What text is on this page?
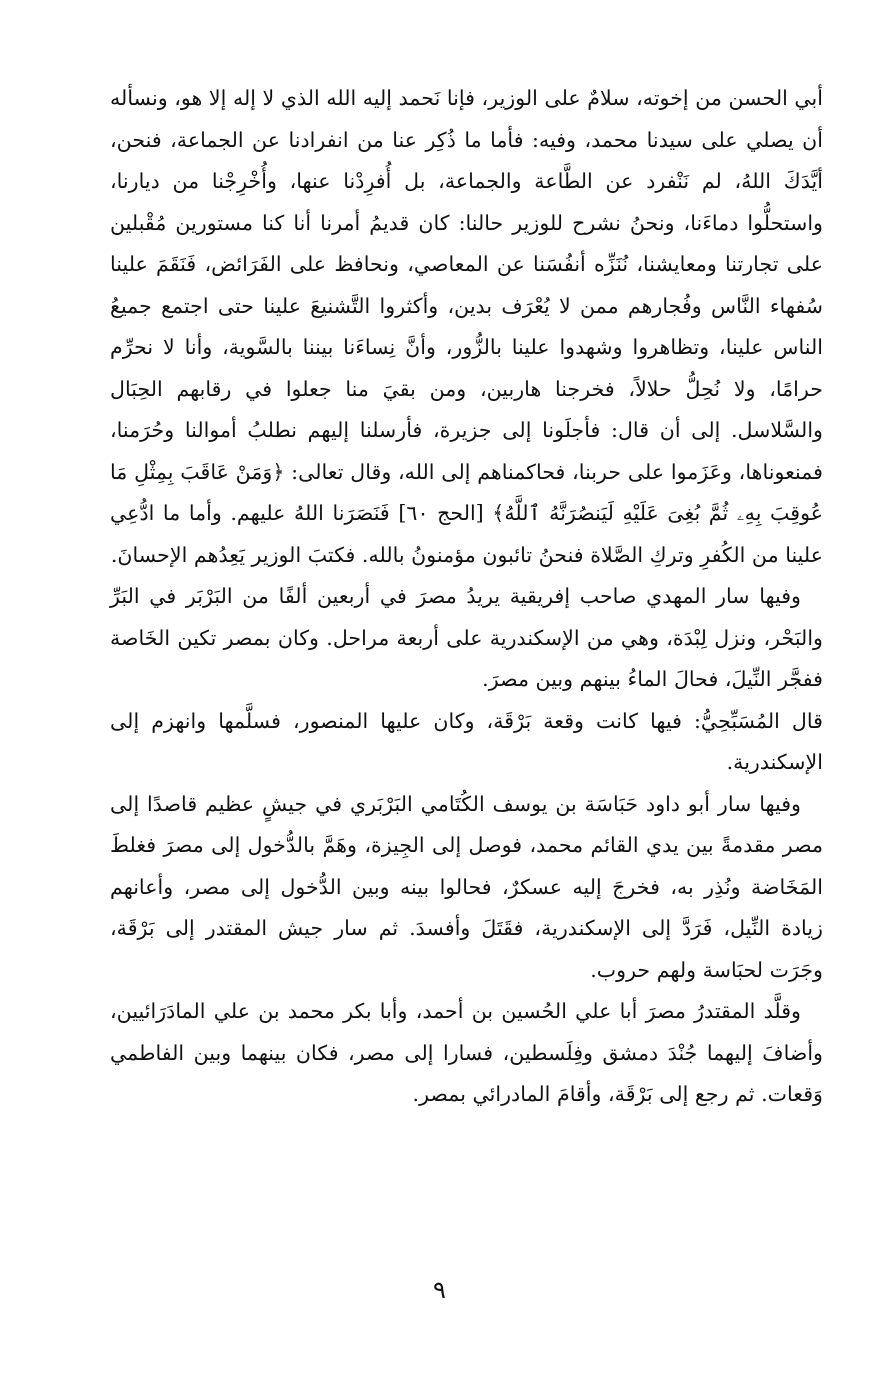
أبي الحسن من إخوته، سلامٌ على الوزير، فإنا نَحمد إليه الله الذي لا إله إلا هو، ونسأله أن يصلي على سيدنا محمد، وفيه: فأما ما ذُكِر عنا من انفرادنا عن الجماعة، فنحن، أيَّدَكَ اللهُ، لم نَنْفرد عن الطَّاعة والجماعة، بل أُفرِدْنا عنها، وأُخْرِجْنا من ديارنا، واستحلُّوا دماءَنا، ونحنُ نشرح للوزير حالنا: كان قديمُ أمرنا أنا كنا مستورين مُقْبلين على تجارتنا ومعايشنا، نُنَزِّه أنفُسَنا عن المعاصي، ونحافظ على الفَرَائض، فَنَقَمَ علينا سُفهاء النَّاس وفُجارهم ممن لا يُعْرَف بدين، وأكثروا التَّشنيعَ علينا حتى اجتمع جميعُ الناس علينا، وتظاهروا وشهدوا علينا بالزُّور، وأنَّ نِساءَنا بيننا بالسَّوية، وأنا لا نحرِّم حرامًا، ولا نُحِلُّ حلالاً، فخرجنا هاربين، ومن بقيَ منا جعلوا في رقابهم الحِبَال والسَّلاسل. إلى أن قال: فأجلَونا إلى جزيرة، فأرسلنا إليهم نطلبُ أموالنا وحُرَمنا، فمنعوناها، وعَزَموا على حربنا، فحاكمناهم إلى الله، وقال تعالى: ﴿وَمَنْ عَاقَبَ بِمِثْلِ مَا عُوقِبَ بِهِۦ ثُمَّ بُغِىَ عَلَيْهِ لَيَنصُرَنَّهُ ٱللَّهُ﴾ [الحج ٦٠] فَنَصَرَنا اللهُ عليهم. وأما ما ادُّعِي علينا من الكُفرِ وتركِ الصَّلاة فنحنُ تائبون مؤمنونُ بالله. فكتبَ الوزير يَعِدُهم الإحسانَ.

وفيها سار المهدي صاحب إفريقية يريدُ مصرَ في أربعين ألفًا من البَرْبَر في البَرِّ والبَحْر، ونزل لِبْدَة، وهي من الإسكندرية على أربعة مراحل. وكان بمصر تكين الخَاصة ففجَّر النِّيلَ، فحالَ الماءُ بينهم وبين مصرَ.

قال المُسَبِّحِيُّ: فيها كانت وقعة بَرْقَة، وكان عليها المنصور، فسلَّمها وانهزم إلى الإسكندرية.

وفيها سار أبو داود حَبَاسَة بن يوسف الكُتَامي البَرْبَري في جيشٍ عظيم قاصدًا إلى مصر مقدمةً بين يدي القائم محمد، فوصل إلى الجِيزة، وهَمَّ بالدُّخول إلى مصرَ فغلطَ المَخَاضة ونُذِر به، فخرجَ إليه عسكرٌ، فحالوا بينه وبين الدُّخول إلى مصر، وأعانهم زيادة النِّيل، فَرَدَّ إلى الإسكندرية، فقَتَلَ وأفسدَ. ثم سار جيش المقتدر إلى بَرْقَة، وجَرَت لحبَاسة ولهم حروب.

وقلَّد المقتدرُ مصرَ أبا علي الحُسين بن أحمد، وأبا بكر محمد بن علي المادَرَائيين، وأضافَ إليهما جُنْدَ دمشق وفِلَسطين، فسارا إلى مصر، فكان بينهما وبين الفاطمي وَقعات. ثم رجع إلى بَرْقَة، وأقامَ المادرائي بمصر.

٩
